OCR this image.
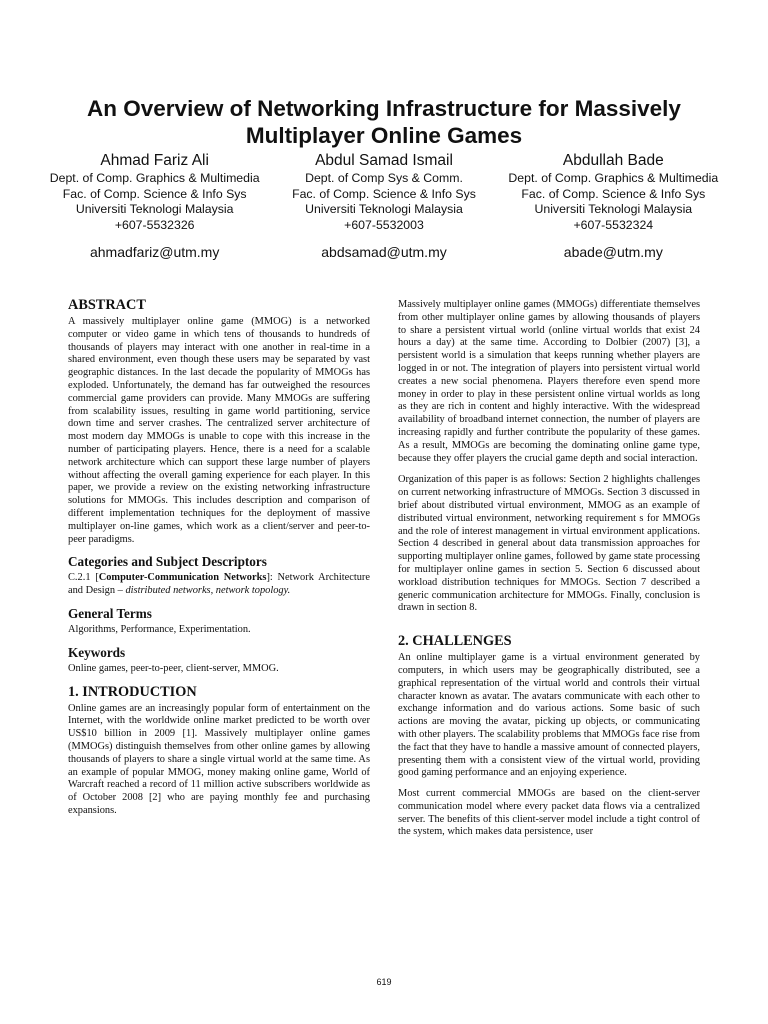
An Overview of Networking Infrastructure for Massively
Multiplayer Online Games
Ahmad Fariz Ali
Dept. of Comp. Graphics & Multimedia
Fac. of Comp. Science & Info Sys
Universiti Teknologi Malaysia
+607-5532326
ahmadfariz@utm.my
Abdul Samad Ismail
Dept. of Comp Sys & Comm.
Fac. of Comp. Science & Info Sys
Universiti Teknologi Malaysia
+607-5532003
abdsamad@utm.my
Abdullah Bade
Dept. of Comp. Graphics & Multimedia
Fac. of Comp. Science & Info Sys
Universiti Teknologi Malaysia
+607-5532324
abade@utm.my
ABSTRACT

A massively multiplayer online game (MMOG) is a networked computer or video game in which tens of thousands to hundreds of thousands of players may interact with one another in real-time in a shared environment, even though these users may be separated by vast geographic distances. In the last decade the popularity of MMOGs has exploded. Unfortunately, the demand has far outweighed the resources commercial game providers can provide. Many MMOGs are suffering from scalability issues, resulting in game world partitioning, service down time and server crashes. The centralized server architecture of most modern day MMOGs is unable to cope with this increase in the number of participating players. Hence, there is a need for a scalable network architecture which can support these large number of players without affecting the overall gaming experience for each player. In this paper, we provide a review on the existing networking infrastructure solutions for MMOGs. This includes description and comparison of different implementation techniques for the deployment of massive multiplayer on-line games, which work as a client/server and peer-to-peer paradigms.

Categories and Subject Descriptors

C.2.1 [Computer-Communication Networks]: Network Architecture and Design – distributed networks, network topology.

General Terms

Algorithms, Performance, Experimentation.

Keywords

Online games, peer-to-peer, client-server, MMOG.

1. INTRODUCTION

Online games are an increasingly popular form of entertainment on the Internet, with the worldwide online market predicted to be worth over US$10 billion in 2009 [1]. Massively multiplayer online games (MMOGs) distinguish themselves from other online games by allowing thousands of players to share a single virtual world at the same time. As an example of popular MMOG, money making online game, World of Warcraft reached a record of 11 million active subscribers worldwide as of October 2008 [2] who are paying monthly fee and purchasing expansions.

Massively multiplayer online games (MMOGs) differentiate themselves from other multiplayer online games by allowing thousands of players to share a persistent virtual world (online virtual worlds that exist 24 hours a day) at the same time. According to Dolbier (2007) [3], a persistent world is a simulation that keeps running whether players are logged in or not. The integration of players into persistent virtual world creates a new social phenomena. Players therefore even spend more money in order to play in these persistent online virtual worlds as long as they are rich in content and highly interactive. With the widespread availability of broadband internet connection, the number of players are increasing rapidly and further contribute the popularity of these games. As a result, MMOGs are becoming the dominating online game type, because they offer players the crucial game depth and social interaction.

Organization of this paper is as follows: Section 2 highlights challenges on current networking infrastructure of MMOGs. Section 3 discussed in brief about distributed virtual environment, MMOG as an example of distributed virtual environment, networking requirement s for MMOGs and the role of interest management in virtual environment applications. Section 4 described in general about data transmission approaches for supporting multiplayer online games, followed by game state processing for multiplayer online games in section 5. Section 6 discussed about workload distribution techniques for MMOGs. Section 7 described a generic communication architecture for MMOGs. Finally, conclusion is drawn in section 8.

2. CHALLENGES

An online multiplayer game is a virtual environment generated by computers, in which users may be geographically distributed, see a graphical representation of the virtual world and controls their virtual character known as avatar. The avatars communicate with each other to exchange information and do various actions. Some basic of such actions are moving the avatar, picking up objects, or communicating with other players. The scalability problems that MMOGs face rise from the fact that they have to handle a massive amount of connected players, presenting them with a consistent view of the virtual world, providing good gaming performance and an enjoying experience.

Most current commercial MMOGs are based on the client-server communication model where every packet data flows via a centralized server. The benefits of this client-server model include a tight control of the system, which makes data persistence, user

619
